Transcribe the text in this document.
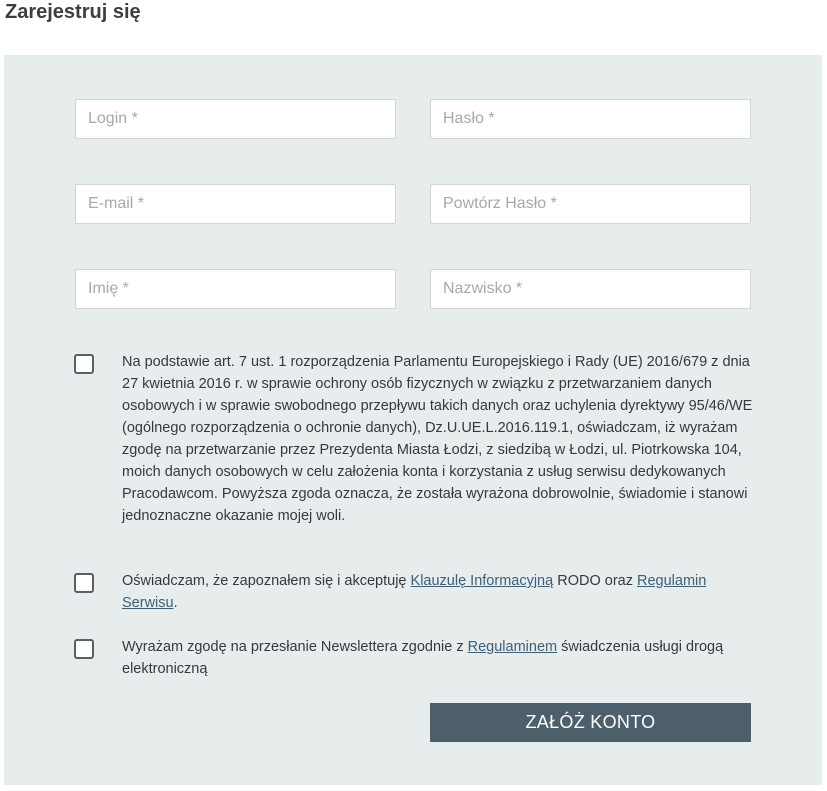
Zarejestruj się
Login *
E-mail *
Imię *
Nazwisko *
Na podstawie art. 7 ust. 1 rozporządzenia Parlamentu Europejskiego i Rady (UE) 2016/679 z dnia 27 kwietnia 2016 r. w sprawie ochrony osób fizycznych w związku z przetwarzaniem danych osobowych i w sprawie swobodnego przepływu takich danych oraz uchylenia dyrektywy 95/46/WE (ogólnego rozporządzenia o ochronie danych), Dz.U.UE.L.2016.119.1, oświadczam, iż wyrażam zgodę na przetwarzanie przez Prezydenta Miasta Łodzi, z siedzibą w Łodzi, ul. Piotrkowska 104, moich danych osobowych w celu założenia konta i korzystania z usług serwisu dedykowanych Pracodawcom. Powyższa zgoda oznacza, że została wyrażona dobrowolnie, świadomie i stanowi jednoznaczne okazanie mojej woli.
Oświadczam, że zapoznałem się i akceptuję Klauzulę Informacyjną RODO oraz Regulamin Serwisu.
Wyrażam zgodę na przesłanie Newslettera zgodnie z Regulaminem świadczenia usługi drogą elektroniczną
ZAŁÓŻ KONTO
